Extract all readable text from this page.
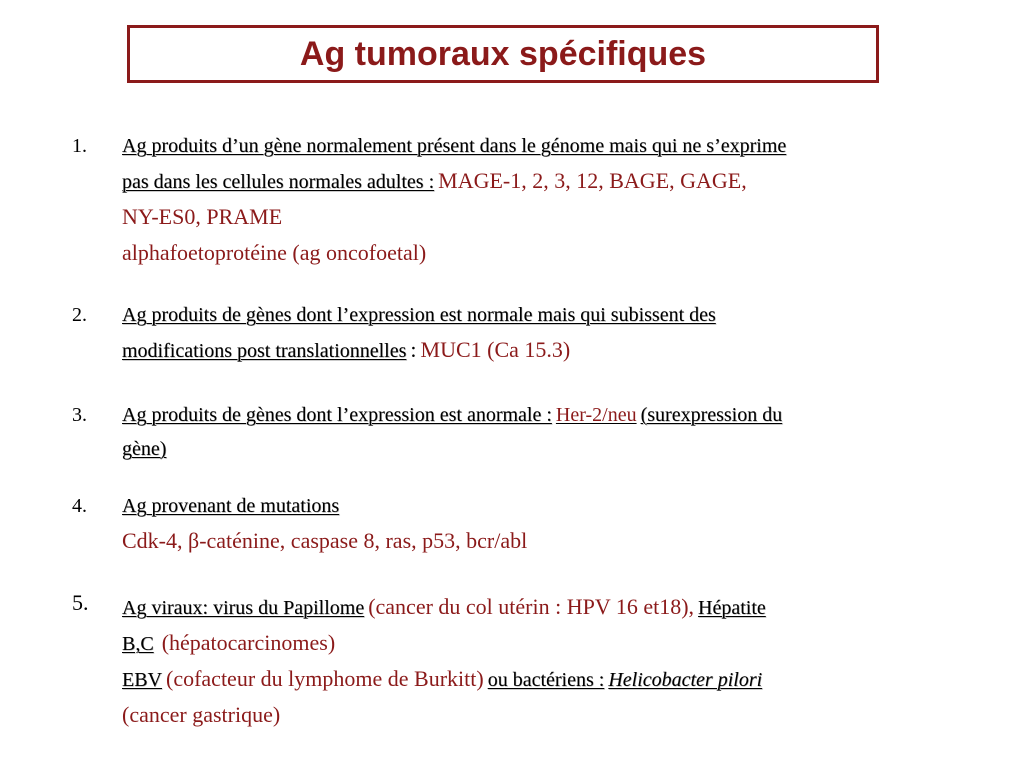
Ag tumoraux spécifiques
1. Ag produits d’un gène normalement présent dans le génome mais qui ne s’exprime
pas dans les cellules normales adultes : MAGE-1, 2, 3, 12, BAGE, GAGE,
NY-ES0, PRAME
alphafoetoprotéine (ag oncofoetal)
2. Ag produits de gènes dont l’expression est normale mais qui subissent des
modifications post translationnelles : MUC1 (Ca 15.3)
3. Ag produits de gènes dont l’expression est anormale : Her-2/neu (surexpression du
gène)
4. Ag provenant de mutations
Cdk-4, β-caténine, caspase 8, ras, p53, bcr/abl
5. Ag viraux: virus du Papillome (cancer du col utérin : HPV 16 et18), Hépatite
B,C (hépatocarcinomes)
EBV (cofacteur du lymphome de Burkitt) ou bactériens : Helicobacter pilori
(cancer gastrique)
